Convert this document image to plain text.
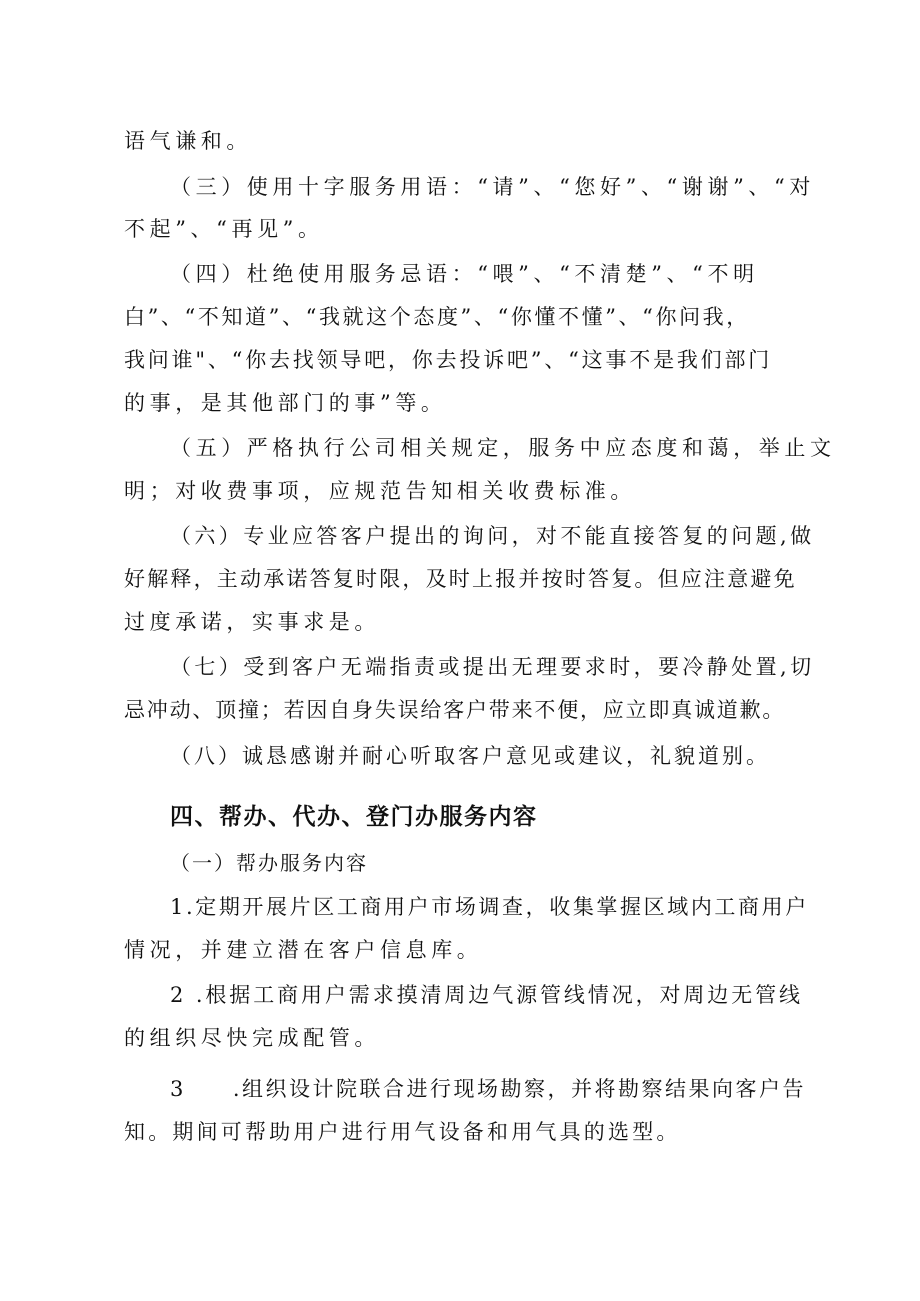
语气谦和。

（三）使用十字服务用语：“请”、“您好”、“谢谢”、“对

不起”、“再见”。

（四）杜绝使用服务忌语：“喂”、“不清楚”、“不明

白”、“不知道”、“我就这个态度”、“你懂不懂”、“你问我，

我问谁"、“你去找领导吧，你去投诉吧”、“这事不是我们部门

的事，是其他部门的事”等。

（五）严格执行公司相关规定，服务中应态度和蔼，举止文

明；对收费事项，应规范告知相关收费标准。

（六）专业应答客户提出的询问，对不能直接答复的问题,做

好解释，主动承诺答复时限，及时上报并按时答复。但应注意避免

过度承诺，实事求是。

（七）受到客户无端指责或提出无理要求时，要冷静处置,切

忌冲动、顶撞；若因自身失误给客户带来不便，应立即真诚道歉。

（八）诚恳感谢并耐心听取客户意见或建议，礼貌道别。

四、帮办、代办、登门办服务内容

（一）帮办服务内容

1.定期开展片区工商用户市场调查，收集掌握区域内工商用户

情况，并建立潜在客户信息库。

2 .根据工商用户需求摸清周边气源管线情况，对周边无管线

的组织尽快完成配管。

3　　.组织设计院联合进行现场勘察，并将勘察结果向客户告

知。期间可帮助用户进行用气设备和用气具的选型。
